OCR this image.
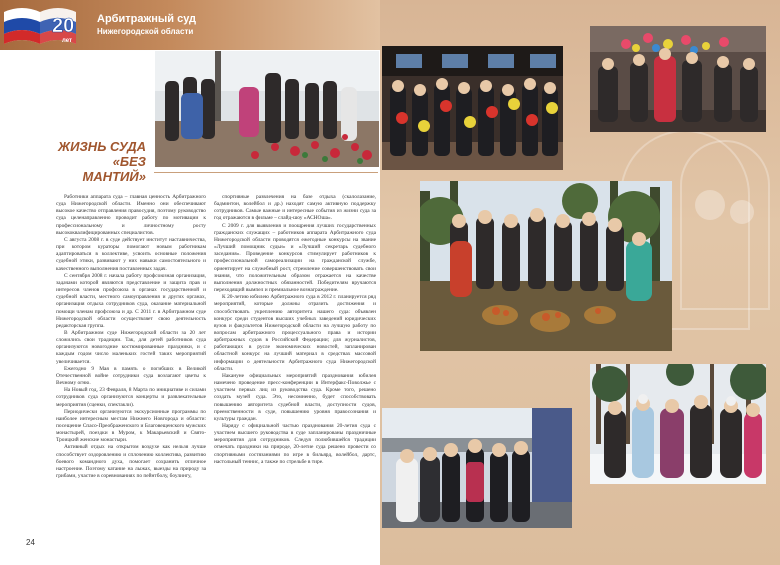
20
лет
Арбитражный суд
Нижегородской области
ЖИЗНЬ СУДА
«БЕЗ МАНТИЙ»

Работники аппарата суда – главная ценность Арбитражного суда Нижегородской области. Именно они обеспечивают высокое качество отправления правосудия, поэтому руководство суда целенаправленно проводит работу по мотивации к профессиональному и личностному росту высококвалифицированных специалистов.

С августа 2008 г. в суде действует институт наставничества, при котором кураторы помогают новым работникам адаптироваться в коллективе, усвоить основные положения судебной этики, развивают у них навыки самостоятельного и качественного выполнения поставленных задач.

С сентября 2008 г. начала работу профсоюзная организация, задачами которой являются представление и защита прав и интересов членов профсоюза в органах государственной и судебной власти, местного самоуправления и других органах, организация отдыха сотрудников суда, оказание материальной помощи членам профсоюза и др. С 2011 г. в Арбитражном суде Нижегородской области осуществляет свою деятельность редакторская группа.

В Арбитражном суде Нижегородской области за 20 лет сложились свои традиции. Так, для детей работников суда организуются новогодние костюмированные праздники, и с каждым годом число маленьких гостей таких мероприятий увеличивается.

Ежегодно 9 Мая в память о погибших в Великой Отечественной войне сотрудники суда возлагают цветы к Вечному огню.

На Новый год, 23 Февраля, 8 Марта по инициативе и силами сотрудников суда организуются концерты и развлекательные мероприятия (сценки, спектакли).

Периодически организуются экскурсионные программы по наиболее интересным местам Нижнего Новгорода и области: посещение Спасо-Преображенского и Благовещенского мужских монастырей, поездки в Муром, к Макарьевский и Свято-Троицкий женские монастыри.

Активный отдых на открытом воздухе как нельзя лучше способствует оздоровлению и сплочению коллектива, развитию боевого командного духа, помогает сохранить отличное настроение. Поэтому катание на лыжах, выезды на природу за грибами, участие в соревнованиях по пейнтболу, боулингу,

спортивные развлечения на базе отдыха (скалолазание, бадминтон, волейбол и др.) находят самую активную поддержку сотрудников. Самые важные и интересные события из жизни суда за год отражаются в фильме – слайд-шоу «АСНОша».

С 2009 г. для выявления и поощрения лучших государственных гражданских служащих – работников аппарата Арбитражного суда Нижегородской области проводятся ежегодные конкурсы на звание «Лучший помощник судьи» и «Лучший секретарь судебного заседания». Проведение конкурсов стимулирует работников к профессиональной самореализации на гражданской службе, ориентирует на служебный рост, стремление совершенствовать свои знания, что положительным образом отражается на качестве выполнения должностных обязанностей. Победителям вручаются переходящий вымпел и премиальное вознаграждение.

К 20-летию юбилею Арбитражного суда в 2012 г. планируется ряд мероприятий, которые должны отразить достижения и способствовать укреплению авторитета нашего суда: объявлен конкурс среди студентов высших учебных заведений юридических вузов и факультетов Нижегородской области на лучшую работу по вопросам арбитражного процессуального права и истории арбитражных судов в Российской Федерации; для журналистов, работающих в русле экономических новостей, запланирован областной конкурс на лучший материал в средствах массовой информации о деятельности Арбитражного суда Нижегородской области.

Накануне официальных мероприятий празднования юбилея намечено проведение пресс-конференции в Интерфакс-Поволжье с участием первых лиц из руководства суда. Кроме того, решено создать музей суда. Это, несомненно, будет способствовать повышению авторитета судебной власти, доступности судов, преемственности в суде, повышению уровня правосознания и культуры граждан.

Наряду с официальной частью празднования 20-летия суда с участием высшего руководства в суде запланированы праздничные мероприятия для сотрудников. Следуя полюбившейся традиции отмечать праздники на природе, 20-летие суда решено провести со спортивными состязаниями по игре в бильярд, волейбол, дартс, настольный теннис, а также по стрельбе в тире.

24
